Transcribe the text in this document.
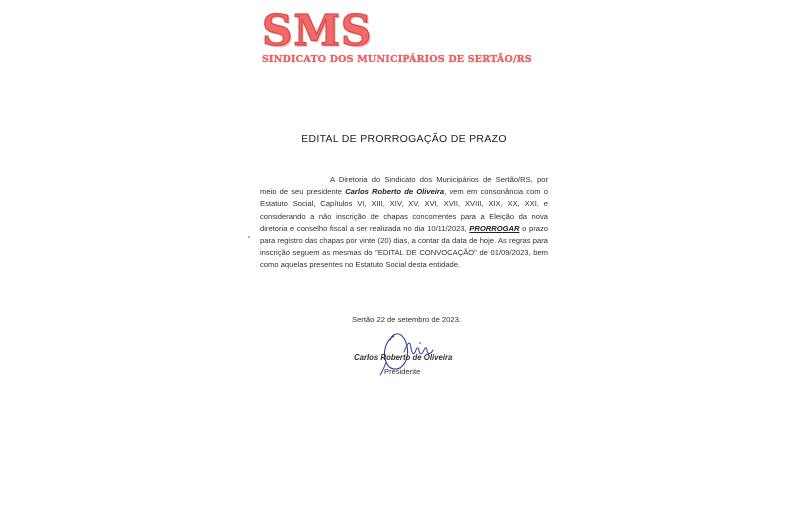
SMS
SINDICATO DOS MUNICIPÁRIOS DE SERTÃO/RS
EDITAL DE PRORROGAÇÃO DE PRAZO

A Diretoria do Sindicato dos Municipários de Sertão/RS, por meio de seu presidente Carlos Roberto de Oliveira, vem em consonância com o Estatuto Social, Capítulos VI, XIII, XIV, XV, XVI, XVII, XVIII, XIX, XX, XXI, e considerando a não inscrição de chapas concorrentes para a Eleição da nova diretoria e conselho fiscal a ser realizada no dia 10/11/2023, PRORROGAR o prazo para registro das chapas por vinte (20) dias, a contar da data de hoje. As regras para inscrição seguem as mesmas do "EDITAL DE CONVOCAÇÃO" de 01/09/2023, bem como aquelas presentes no Estatuto Social desta entidade.

Sertão 22 de setembro de 2023.
Carlos Roberto de Oliveira
Presidente
